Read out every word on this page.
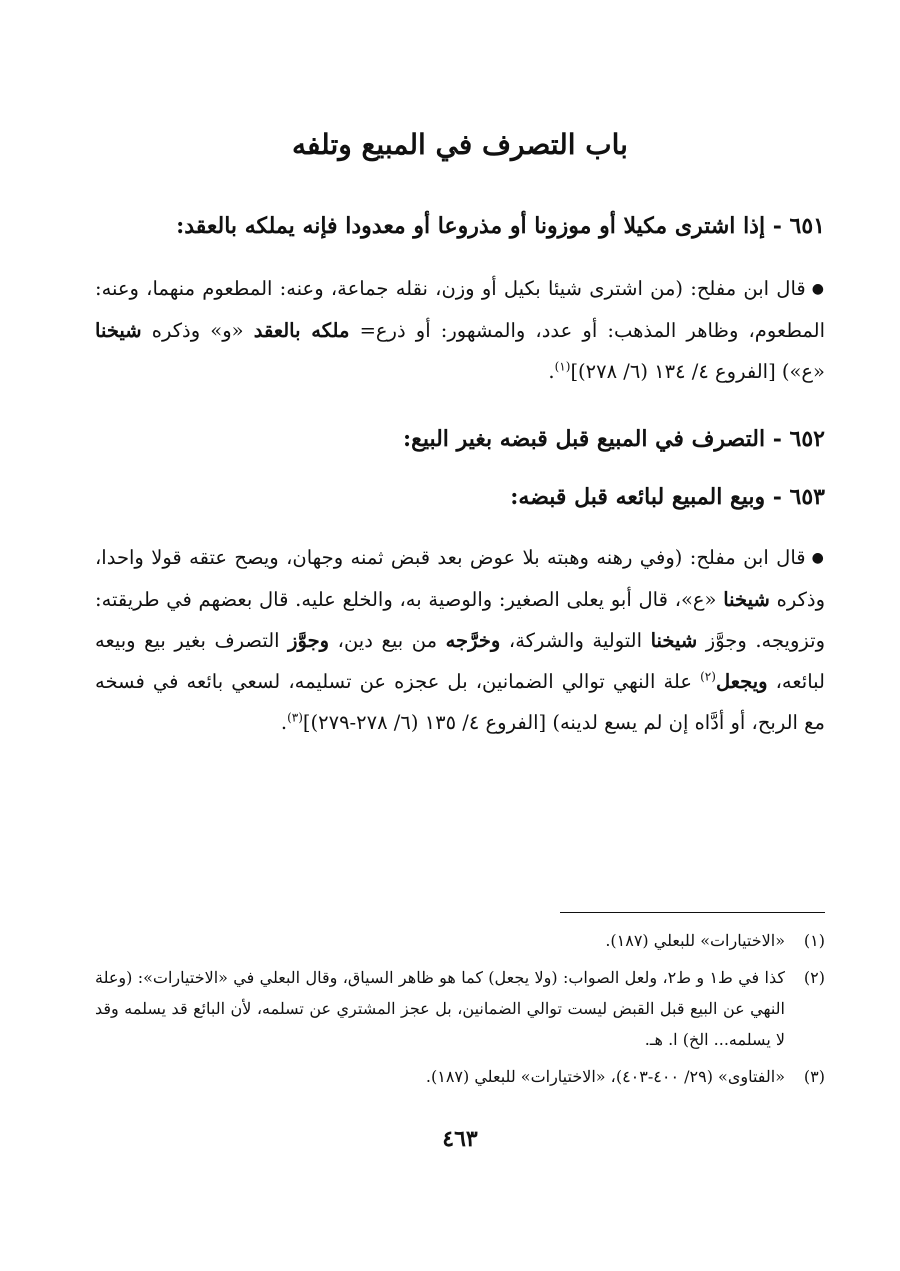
باب التصرف في المبيع وتلفه
٦٥١ - إذا اشترى مكيلا أو موزونا أو مذروعا أو معدودا فإنه يملكه بالعقد:
●قال ابن مفلح: (من اشترى شيئا بكيل أو وزن، نقله جماعة، وعنه: المطعوم منهما، وعنه: المطعوم، وظاهر المذهب: أو عدد، والمشهور: أو ذرع= ملكه بالعقد «و» وذكره شيخنا «ع») [الفروع ٤/ ١٣٤ (٦/ ٢٧٨)]$^{(١)}$.
٦٥٢ - التصرف في المبيع قبل قبضه بغير البيع:
٦٥٣ - وبيع المبيع لبائعه قبل قبضه:
●قال ابن مفلح: (وفي رهنه وهبته بلا عوض بعد قبض ثمنه وجهان، ويصح عتقه قولا واحدا، وذكره شيخنا «ع»، قال أبو يعلى الصغير: والوصية به، والخلع عليه. قال بعضهم في طريقته: وتزويجه. وجوَّز شيخنا التولية والشركة، وخرَّجه من بيع دين، وجوَّز التصرف بغير بيع وبيعه لبائعه، ويجعل$^{(٢)}$ علة النهي توالي الضمانين، بل عجزه عن تسليمه، لسعي بائعه في فسخه مع الربح، أو أدَّاه إن لم يسع لدينه) [الفروع ٤/ ١٣٥ (٦/ ٢٧٨-٢٧٩)]$^{(٣)}$.
(١)
«الاختيارات» للبعلي (١٨٧).
(٢)
كذا في ط١ و ط٢، ولعل الصواب: (ولا يجعل) كما هو ظاهر السياق، وقال البعلي في «الاختيارات»: (وعلة النهي عن البيع قبل القبض ليست توالي الضمانين، بل عجز المشتري عن تسلمه، لأن البائع قد يسلمه وقد لا يسلمه... الخ) ا. هـ.
(٣)
«الفتاوى» (٢٩/ ٤٠٠-٤٠٣)، «الاختيارات» للبعلي (١٨٧).
٤٦٣
